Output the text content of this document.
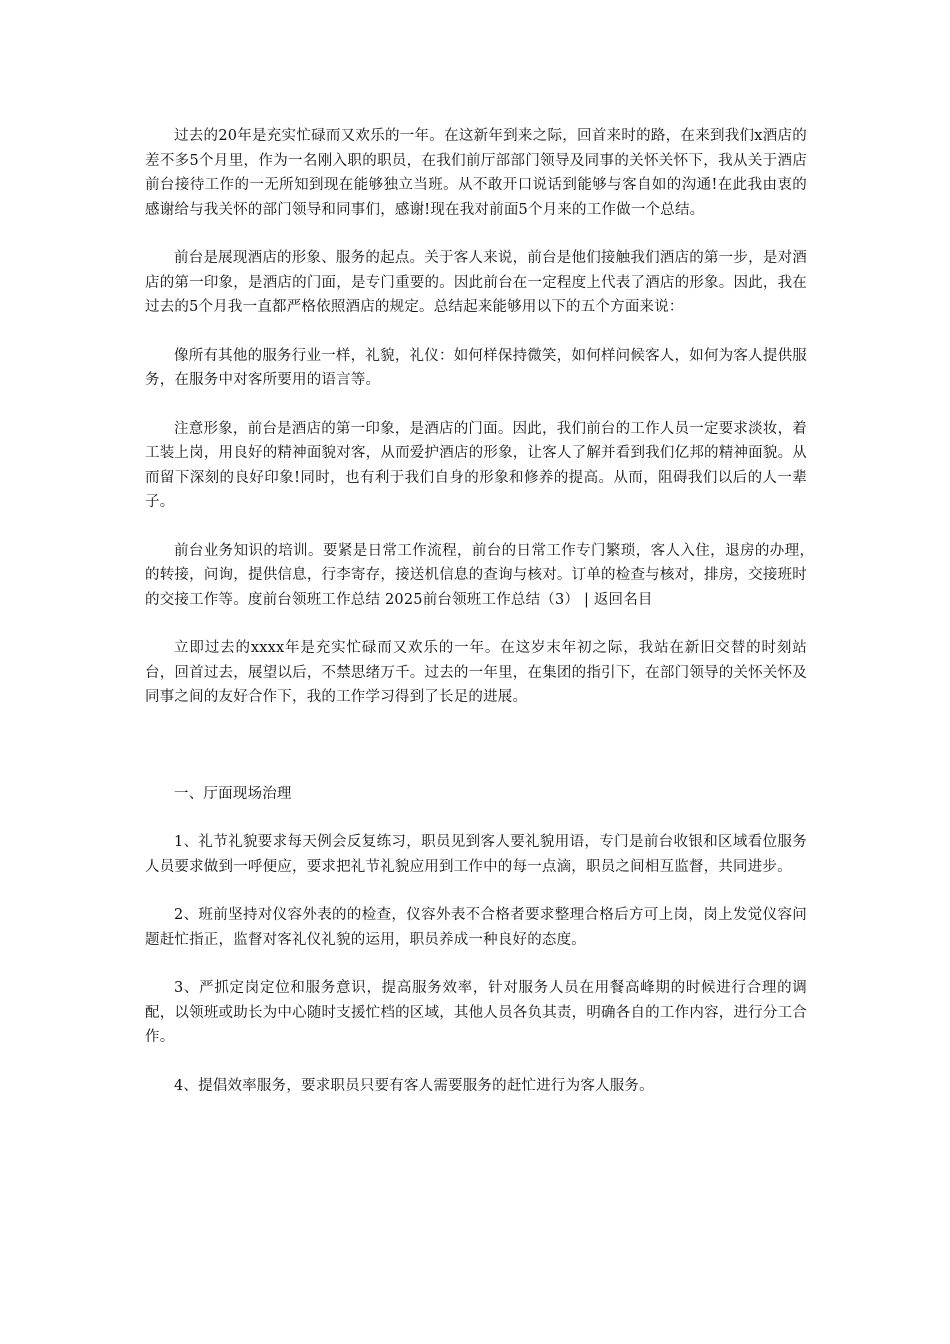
过去的20年是充实忙碌而又欢乐的一年。在这新年到来之际，回首来时的路，在来到我们x酒店的差不多5个月里，作为一名刚入职的职员，在我们前厅部部门领导及同事的关怀关怀下，我从关于酒店前台接待工作的一无所知到现在能够独立当班。从不敢开口说话到能够与客自如的沟通!在此我由衷的感谢给与我关怀的部门领导和同事们，感谢!现在我对前面5个月来的工作做一个总结。

前台是展现酒店的形象、服务的起点。关于客人来说，前台是他们接触我们酒店的第一步，是对酒店的第一印象，是酒店的门面，是专门重要的。因此前台在一定程度上代表了酒店的形象。因此，我在过去的5个月我一直都严格依照酒店的规定。总结起来能够用以下的五个方面来说：

像所有其他的服务行业一样，礼貌，礼仪：如何样保持微笑，如何样问候客人，如何为客人提供服务，在服务中对客所要用的语言等。

注意形象，前台是酒店的第一印象，是酒店的门面。因此，我们前台的工作人员一定要求淡妆，着工装上岗，用良好的精神面貌对客，从而爱护酒店的形象，让客人了解并看到我们亿邦的精神面貌。从而留下深刻的良好印象!同时，也有利于我们自身的形象和修养的提高。从而，阻碍我们以后的人一辈子。

前台业务知识的培训。要紧是日常工作流程，前台的日常工作专门繁琐，客人入住，退房的办理，　的转接，问询，提供信息，行李寄存，接送机信息的查询与核对。订单的检查与核对，排房，交接班时的交接工作等。度前台领班工作总结 2025前台领班工作总结（3） | 返回名目

立即过去的xxxx年是充实忙碌而又欢乐的一年。在这岁末年初之际，我站在新旧交替的时刻站台，回首过去，展望以后，不禁思绪万千。过去的一年里，在集团的指引下，在部门领导的关怀关怀及同事之间的友好合作下，我的工作学习得到了长足的进展。

一、厅面现场治理

1、礼节礼貌要求每天例会反复练习，职员见到客人要礼貌用语，专门是前台收银和区域看位服务人员要求做到一呼便应，要求把礼节礼貌应用到工作中的每一点滴，职员之间相互监督，共同进步。

2、班前坚持对仪容外表的的检查，仪容外表不合格者要求整理合格后方可上岗，岗上发觉仪容问题赶忙指正，监督对客礼仪礼貌的运用，职员养成一种良好的态度。

3、严抓定岗定位和服务意识，提高服务效率，针对服务人员在用餐高峰期的时候进行合理的调配，以领班或助长为中心随时支援忙档的区域，其他人员各负其责，明确各自的工作内容，进行分工合作。

4、提倡效率服务，要求职员只要有客人需要服务的赶忙进行为客人服务。
